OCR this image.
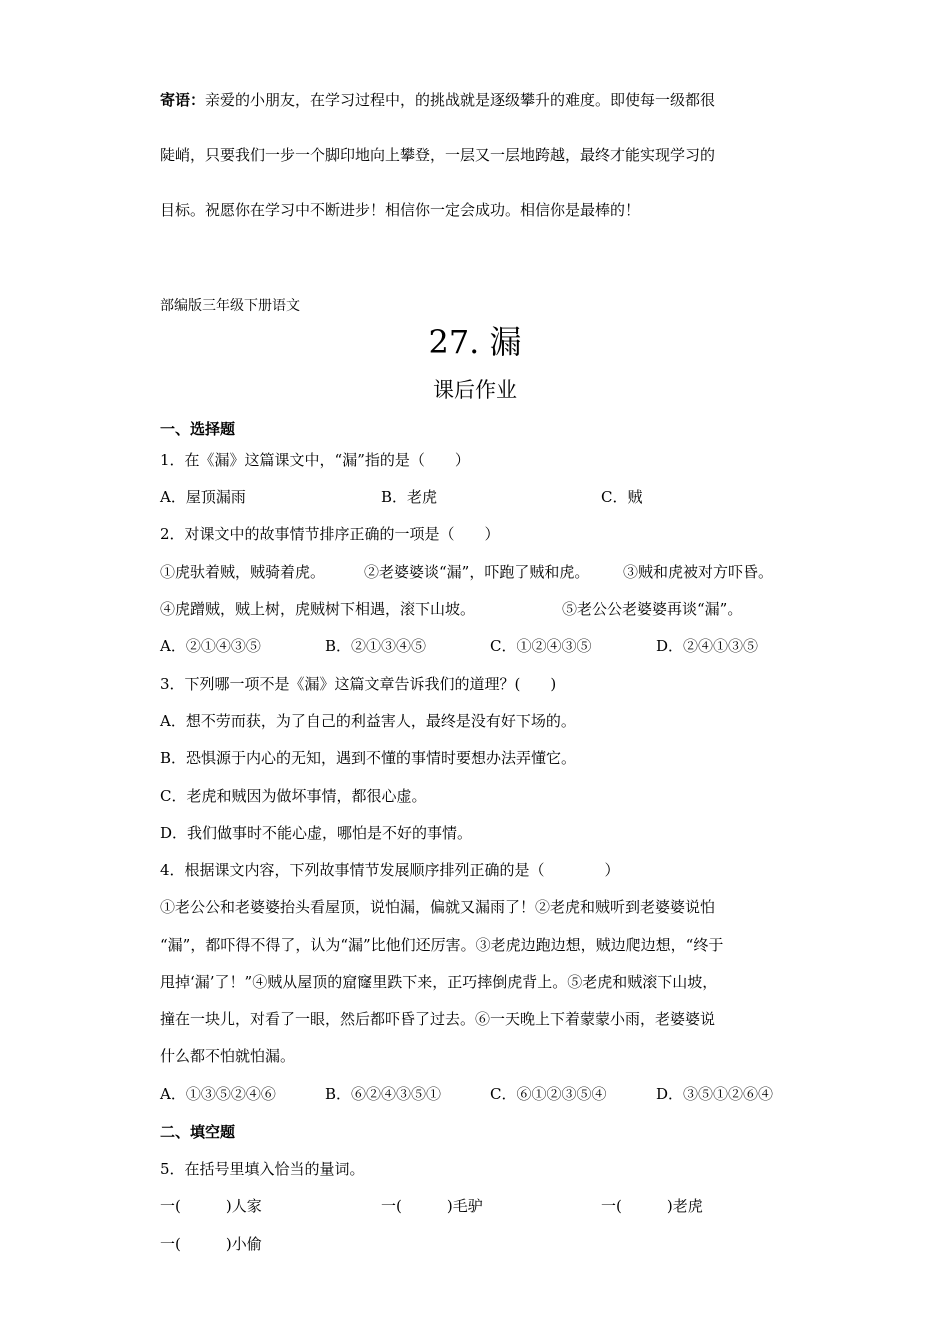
寄语：亲爱的小朋友，在学习过程中，的挑战就是逐级攀升的难度。即使每一级都很
陡峭，只要我们一步一个脚印地向上攀登，一层又一层地跨越，最终才能实现学习的
目标。祝愿你在学习中不断进步！相信你一定会成功。相信你是最棒的！
部编版三年级下册语文
27. 漏
课后作业
一、选择题
1．在《漏》这篇课文中，“漏”指的是（　　）
A．屋顶漏雨	B．老虎	C．贼
2．对课文中的故事情节排序正确的一项是（　　）
①虎驮着贼，贼骑着虎。	②老婆婆谈“漏”，吓跑了贼和虎。 ③贼和虎被对方吓昏。
④虎蹭贼，贼上树，虎贼树下相遇，滚下山坡。	⑤老公公老婆婆再谈“漏”。
A．②①④③⑤	B．②①③④⑤	C．①②④③⑤	D．②④①③⑤
3．下列哪一项不是《漏》这篇文章告诉我们的道理？(　　)
A．想不劳而获，为了自己的利益害人，最终是没有好下场的。
B．恐惧源于内心的无知，遇到不懂的事情时要想办法弄懂它。
C．老虎和贼因为做坏事情，都很心虚。
D．我们做事时不能心虚，哪怕是不好的事情。
4．根据课文内容，下列故事情节发展顺序排列正确的是（　　　　）
①老公公和老婆婆抬头看屋顶，说怕漏，偏就又漏雨了！②老虎和贼听到老婆婆说怕
“漏”，都吓得不得了，认为“漏”比他们还厉害。③老虎边跑边想，贼边爬边想，“终于
甩掉‘漏’了！”④贼从屋顶的窟窿里跌下来，正巧摔倒虎背上。⑤老虎和贼滚下山坡，
撞在一块儿，对看了一眼，然后都吓昏了过去。⑥一天晚上下着蒙蒙小雨，老婆婆说
什么都不怕就怕漏。
A．①③⑤②④⑥	B．⑥②④③⑤①	C．⑥①②③⑤④	D．③⑤①②⑥④
二、填空题
5．在括号里填入恰当的量词。
一(　　　)人家	一(　　　)毛驴	一(　　　)老虎
一(　　　)小偷
